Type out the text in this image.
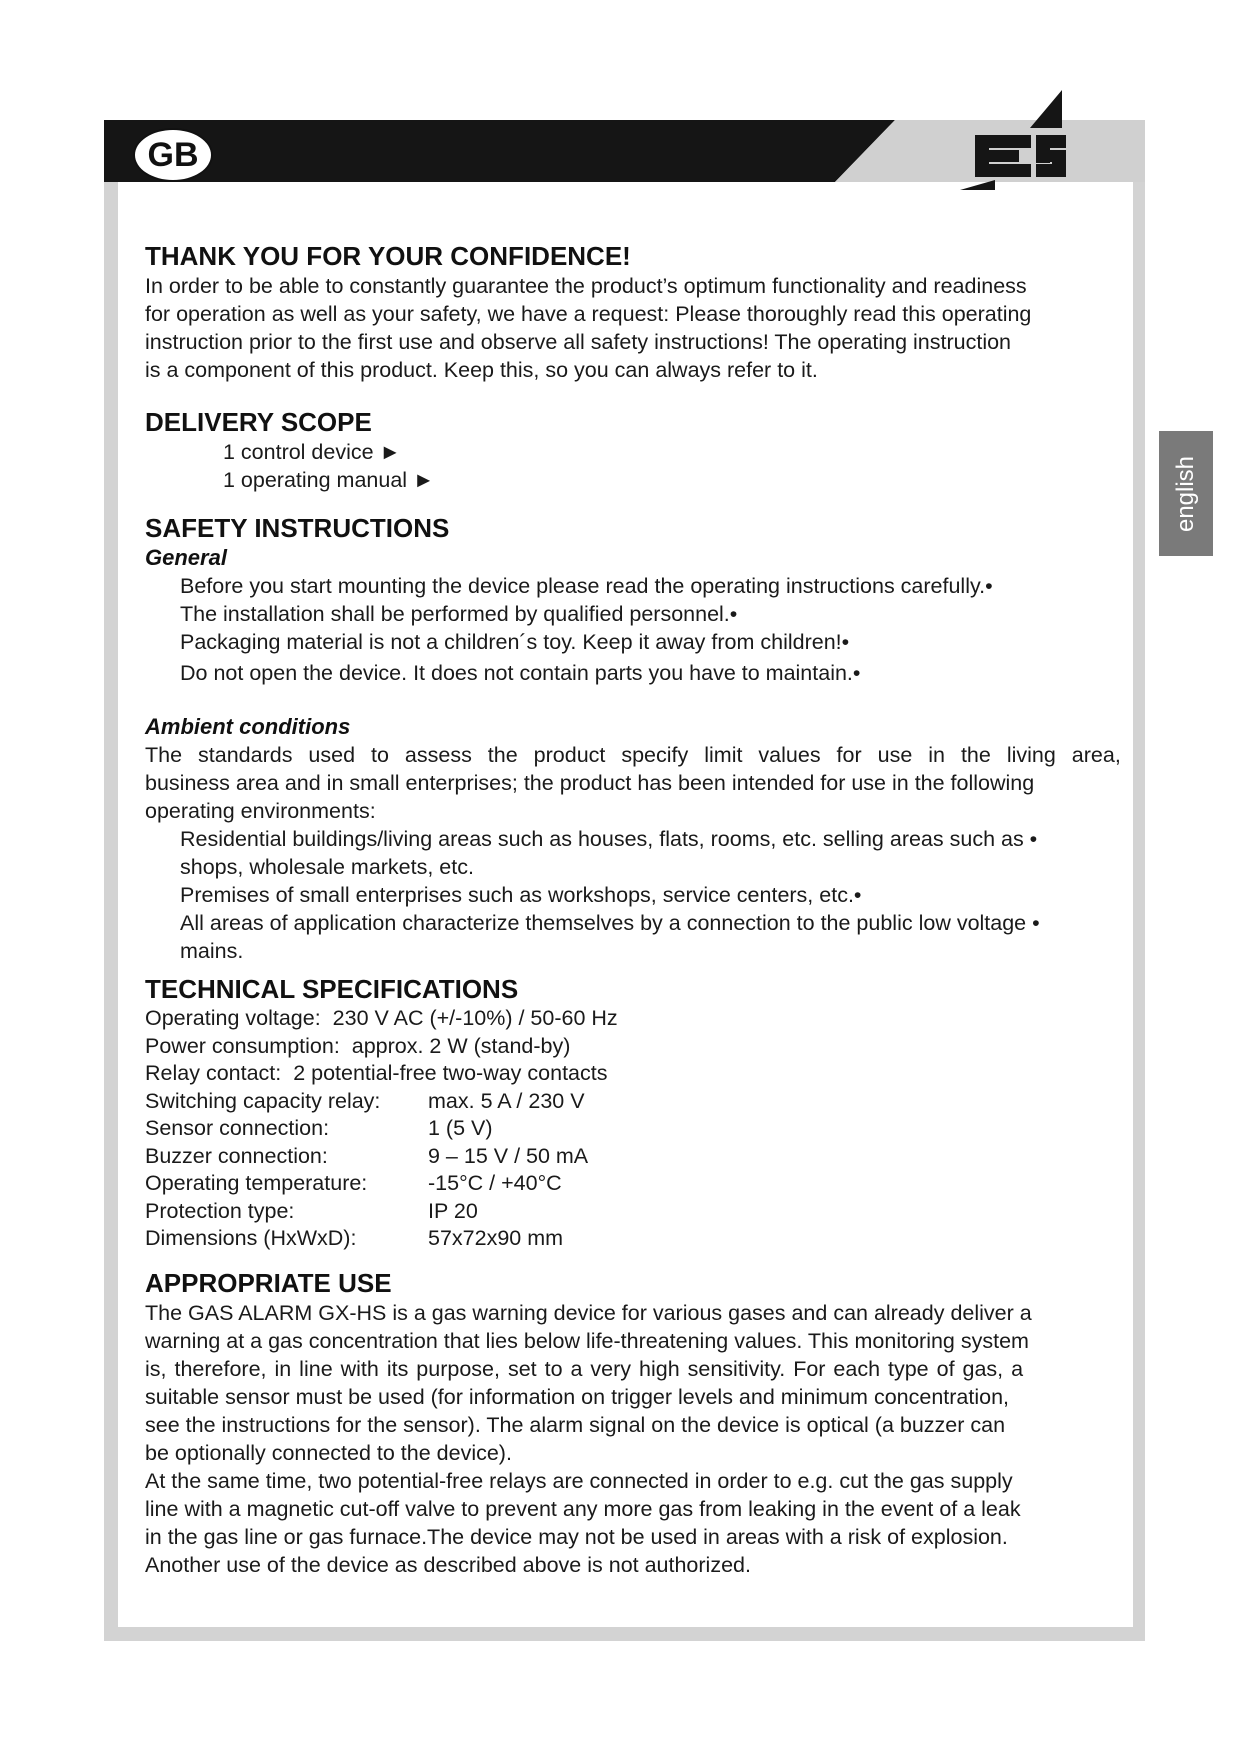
GB
english
THANK YOU FOR YOUR CONFIDENCE!

In order to be able to constantly guarantee the product’s optimum functionality and readiness

for operation as well as your safety, we have a request: Please thoroughly read this operating

instruction prior to the first use and observe all safety instructions! The operating instruction

is a component of this product. Keep this, so you can always refer to it.

DELIVERY SCOPE
1 control device ►
1 operating manual ►
SAFETY INSTRUCTIONS
General
Before you start mounting the device please read the operating instructions carefully.•
The installation shall be performed by qualified personnel.•
Packaging material is not a children´s toy. Keep it away from children!•
Do not open the device. It does not contain parts you have to maintain.•
Ambient conditions

The standards used to assess the product specify limit values for use in the living area,

business area and in small enterprises; the product has been intended for use in the following

operating environments:

Residential buildings/living areas such as houses, flats, rooms, etc. selling areas such as •
shops, wholesale markets, etc.
Premises of small enterprises such as workshops, service centers, etc.•
All areas of application characterize themselves by a connection to the public low voltage •
mains.
TECHNICAL SPECIFICATIONS
Operating voltage: 230 V AC (+/-10%) / 50-60 Hz
Power consumption: approx. 2 W (stand-by)
Relay contact: 2 potential-free two-way contacts
Switching capacity relay:	max. 5 A / 230 V
Sensor connection:	1 (5 V)
Buzzer connection:	9 – 15 V / 50 mA
Operating temperature:	-15°C / +40°C
Protection type:	IP 20
Dimensions (HxWxD):	57x72x90 mm
APPROPRIATE USE

The GAS ALARM GX-HS is a gas warning device for various gases and can already deliver a

warning at a gas concentration that lies below life-threatening values. This monitoring system

is, therefore, in line with its purpose, set to a very high sensitivity. For each type of gas, a

suitable sensor must be used (for information on trigger levels and minimum concentration,

see the instructions for the sensor). The alarm signal on the device is optical (a buzzer can

be optionally connected to the device).

At the same time, two potential-free relays are connected in order to e.g. cut the gas supply

line with a magnetic cut-off valve to prevent any more gas from leaking in the event of a leak

in the gas line or gas furnace.The device may not be used in areas with a risk of explosion.

Another use of the device as described above is not authorized.
